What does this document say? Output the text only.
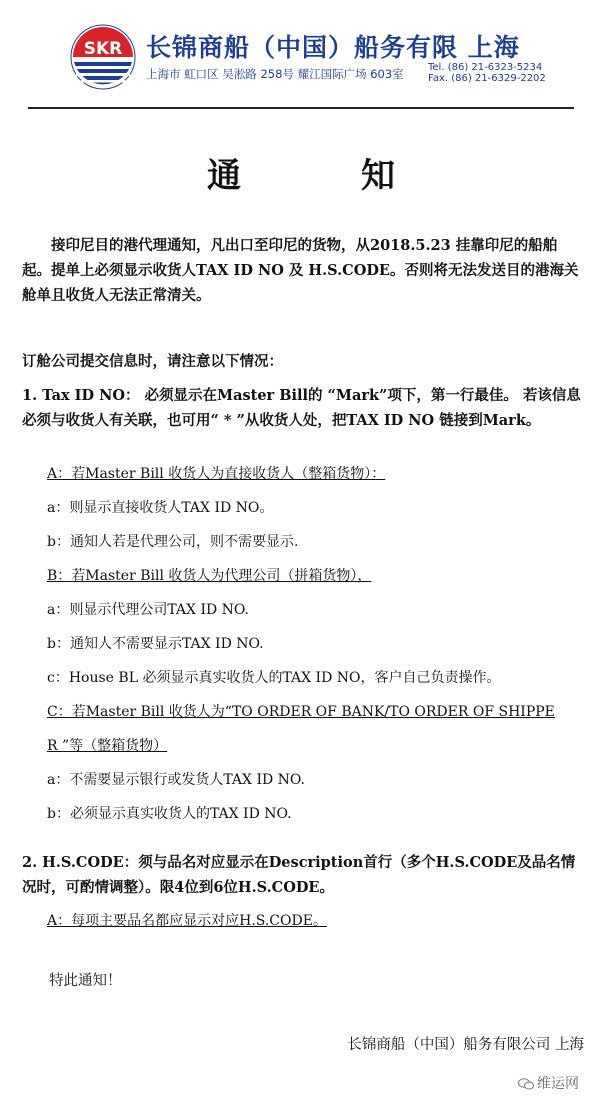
SKR 长锦商船（中国）船务有限 上海
上海市 虹口区 吴淞路 258号 耀江国际广场 603室 Tel. (86) 21-6323-5234
Fax. (86) 21-6329-2202
通知
接印尼目的港代理通知，凡出口至印尼的货物，从2018.5.23 挂靠印尼的船舶起。提单上必须显示收货人TAX ID NO 及 H.S.CODE。否则将无法发送目的港海关舱单且收货人无法正常清关。
订舱公司提交信息时，请注意以下情况：
1. Tax ID NO： 必须显示在Master Bill的 “Mark”项下，第一行最佳。 若该信息必须与收货人有关联，也可用“ * ”从收货人处，把TAX ID NO 链接到Mark。
A：若Master Bill 收货人为直接收货人（整箱货物）：
a：则显示直接收货人TAX ID NO。
b：通知人若是代理公司，则不需要显示.
B：若Master Bill 收货人为代理公司（拼箱货物），
a：则显示代理公司TAX ID NO.
b：通知人不需要显示TAX ID NO.
c：House BL 必须显示真实收货人的TAX ID NO，客户自己负责操作。
C：若Master Bill 收货人为“TO ORDER OF BANK/TO ORDER OF SHIPPE
R ”等（整箱货物）
a：不需要显示银行或发货人TAX ID NO.
b：必须显示真实收货人的TAX ID NO.
2. H.S.CODE：须与品名对应显示在Description首行（多个H.S.CODE及品名情况时，可酌情调整）。限4位到6位H.S.CODE。
A：每项主要品名都应显示对应H.S.CODE。
特此通知！
长锦商船（中国）船务有限公司 上海
维运网
